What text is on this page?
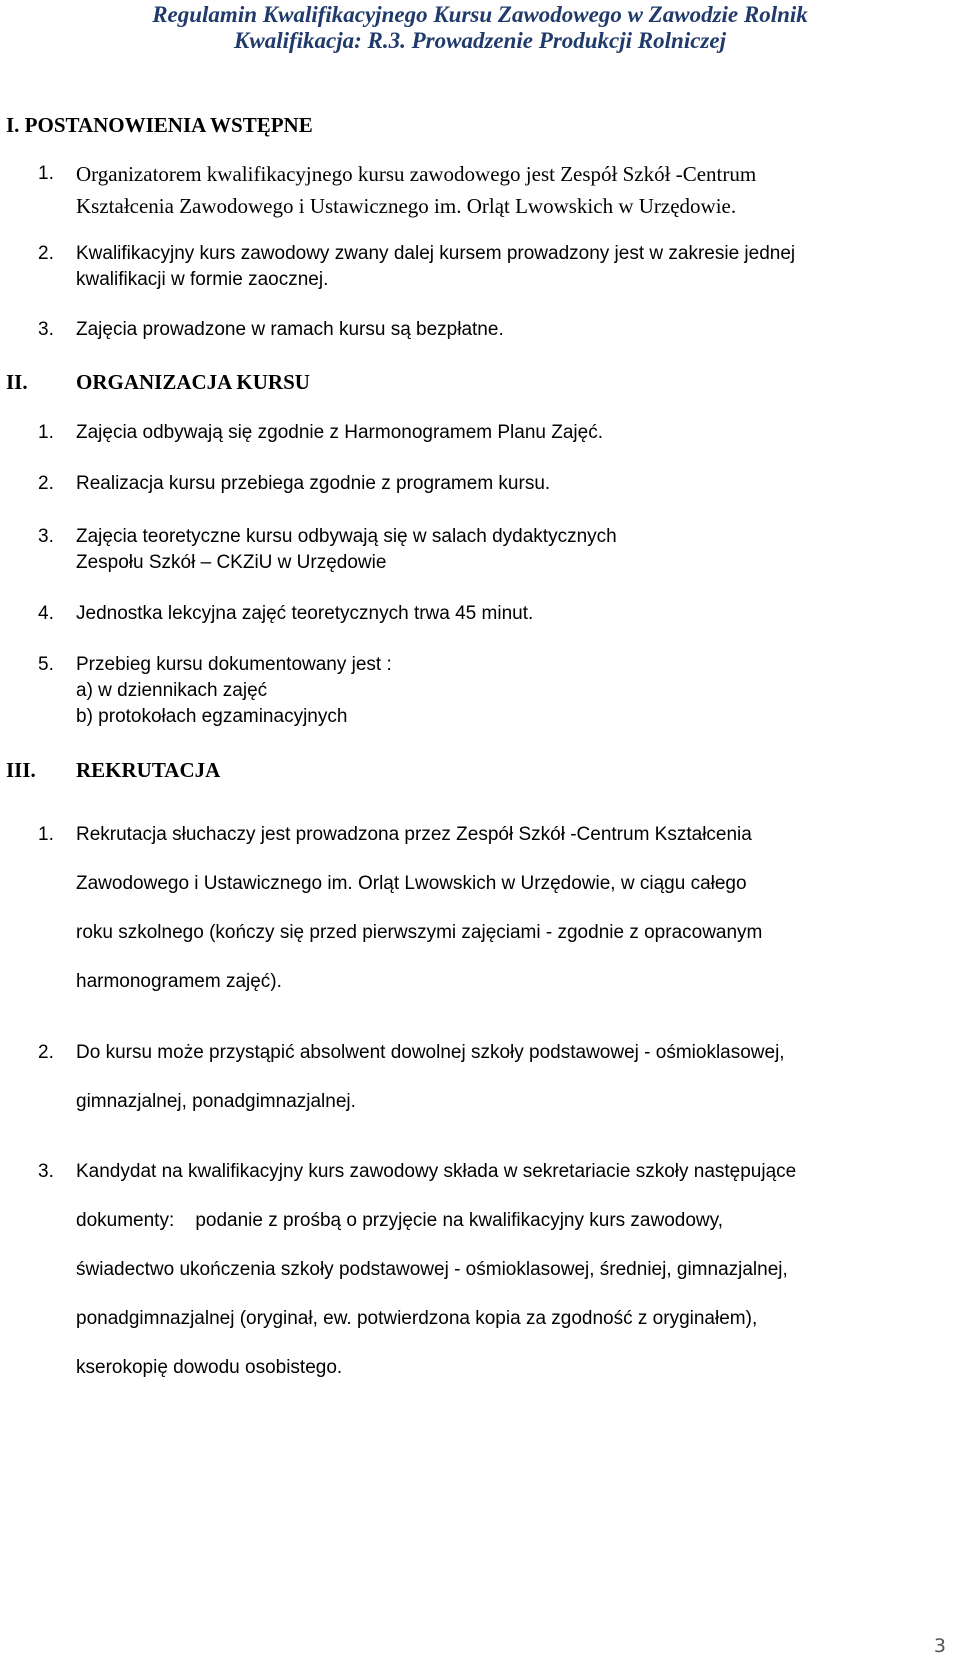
Regulamin Kwalifikacyjnego Kursu Zawodowego w Zawodzie Rolnik
Kwalifikacja: R.3. Prowadzenie Produkcji Rolniczej
I. POSTANOWIENIA WSTĘPNE
1. Organizatorem kwalifikacyjnego kursu zawodowego jest Zespół Szkół -Centrum
Kształcenia Zawodowego i Ustawicznego im. Orląt Lwowskich w Urzędowie.
2. Kwalifikacyjny kurs zawodowy zwany dalej kursem prowadzony jest w zakresie jednej
kwalifikacji w formie zaocznej.
3. Zajęcia prowadzone w ramach kursu są bezpłatne.
II. ORGANIZACJA KURSU
1. Zajęcia odbywają się zgodnie z Harmonogramem Planu Zajęć.
2. Realizacja kursu przebiega zgodnie z programem kursu.
3. Zajęcia teoretyczne kursu odbywają się w salach dydaktycznych
Zespołu Szkół – CKZiU w Urzędowie
4. Jednostka lekcyjna zajęć teoretycznych trwa 45 minut.
5. Przebieg kursu dokumentowany jest :
a) w dziennikach zajęć
b) protokołach egzaminacyjnych
III. REKRUTACJA
1. Rekrutacja słuchaczy jest prowadzona przez Zespół Szkół -Centrum Kształcenia
Zawodowego i Ustawicznego im. Orląt Lwowskich w Urzędowie, w ciągu całego
roku szkolnego (kończy się przed pierwszymi zajęciami - zgodnie z opracowanym
harmonogramem zajęć).
2. Do kursu może przystąpić absolwent dowolnej szkoły podstawowej - ośmioklasowej,
gimnazjalnej, ponadgimnazjalnej.
3. Kandydat na kwalifikacyjny kurs zawodowy składa w sekretariacie szkoły następujące
dokumenty:    podanie z prośbą o przyjęcie na kwalifikacyjny kurs zawodowy,
świadectwo ukończenia szkoły podstawowej - ośmioklasowej, średniej, gimnazjalnej,
ponadgimnazjalnej (oryginał, ew. potwierdzona kopia za zgodność z oryginałem),
kserokopię dowodu osobistego.
3
